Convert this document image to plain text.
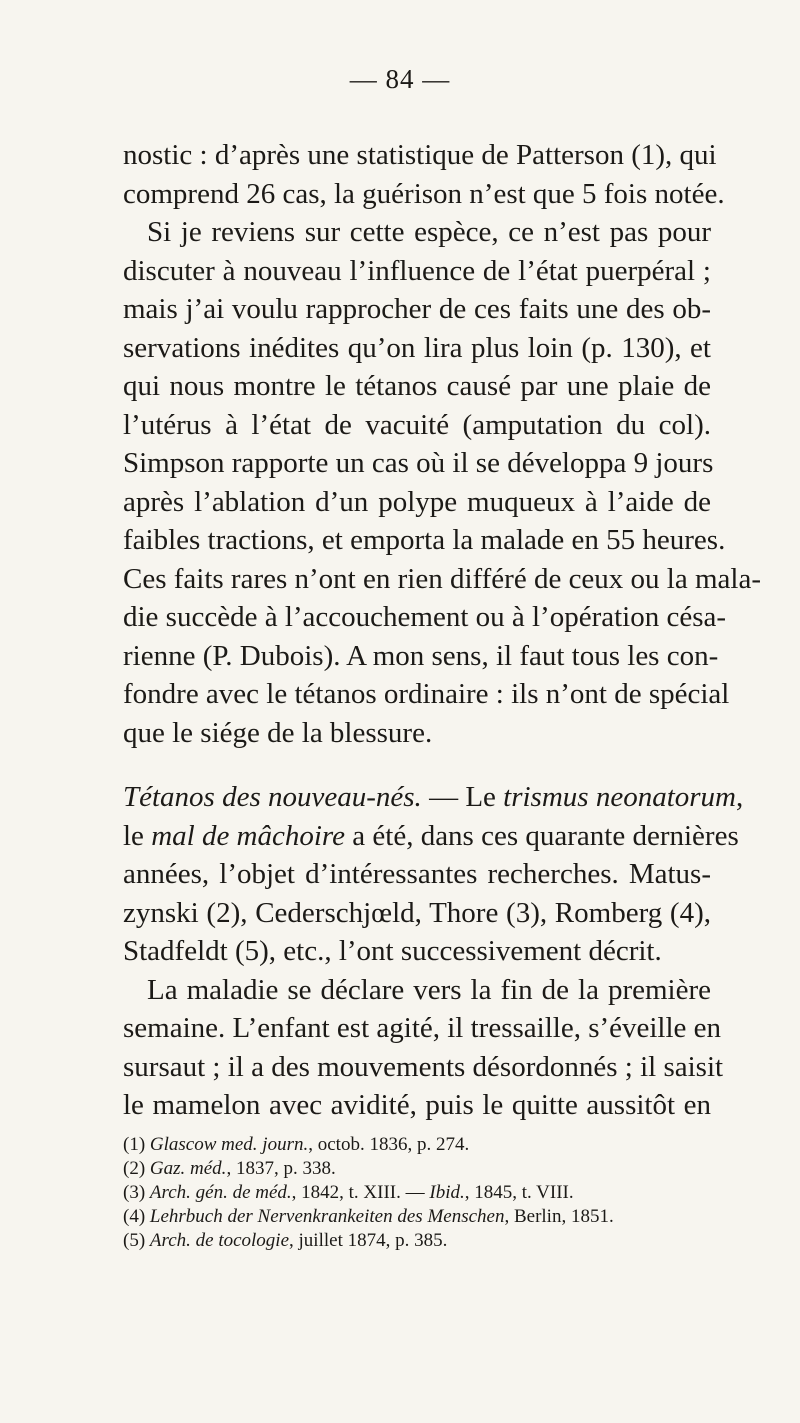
— 84 —
nostic : d’après une statistique de Patterson (1), qui
comprend 26 cas, la guérison n’est que 5 fois notée.
Si je reviens sur cette espèce, ce n’est pas pour
discuter à nouveau l’influence de l’état puerpéral ;
mais j’ai voulu rapprocher de ces faits une des ob-
servations inédites qu’on lira plus loin (p. 130), et
qui nous montre le tétanos causé par une plaie de
l’utérus à l’état de vacuité (amputation du col).
Simpson rapporte un cas où il se développa 9 jours
après l’ablation d’un polype muqueux à l’aide de
faibles tractions, et emporta la malade en 55 heures.
Ces faits rares n’ont en rien différé de ceux ou la mala-
die succède à l’accouchement ou à l’opération césa-
rienne (P. Dubois). A mon sens, il faut tous les con-
fondre avec le tétanos ordinaire : ils n’ont de spécial
que le siége de la blessure.
Tétanos des nouveau-nés. — Le trismus neonatorum,
le mal de mâchoire a été, dans ces quarante dernières
années, l’objet d’intéressantes recherches. Matus-
zynski (2), Cederschjœld, Thore (3), Romberg (4),
Stadfeldt (5), etc., l’ont successivement décrit.
La maladie se déclare vers la fin de la première
semaine. L’enfant est agité, il tressaille, s’éveille en
sursaut ; il a des mouvements désordonnés ; il saisit
le mamelon avec avidité, puis le quitte aussitôt en
(1) Glascow med. journ., octob. 1836, p. 274.
(2) Gaz. méd., 1837, p. 338.
(3) Arch. gén. de méd., 1842, t. XIII. — Ibid., 1845, t. VIII.
(4) Lehrbuch der Nervenkrankeiten des Menschen, Berlin, 1851.
(5) Arch. de tocologie, juillet 1874, p. 385.
